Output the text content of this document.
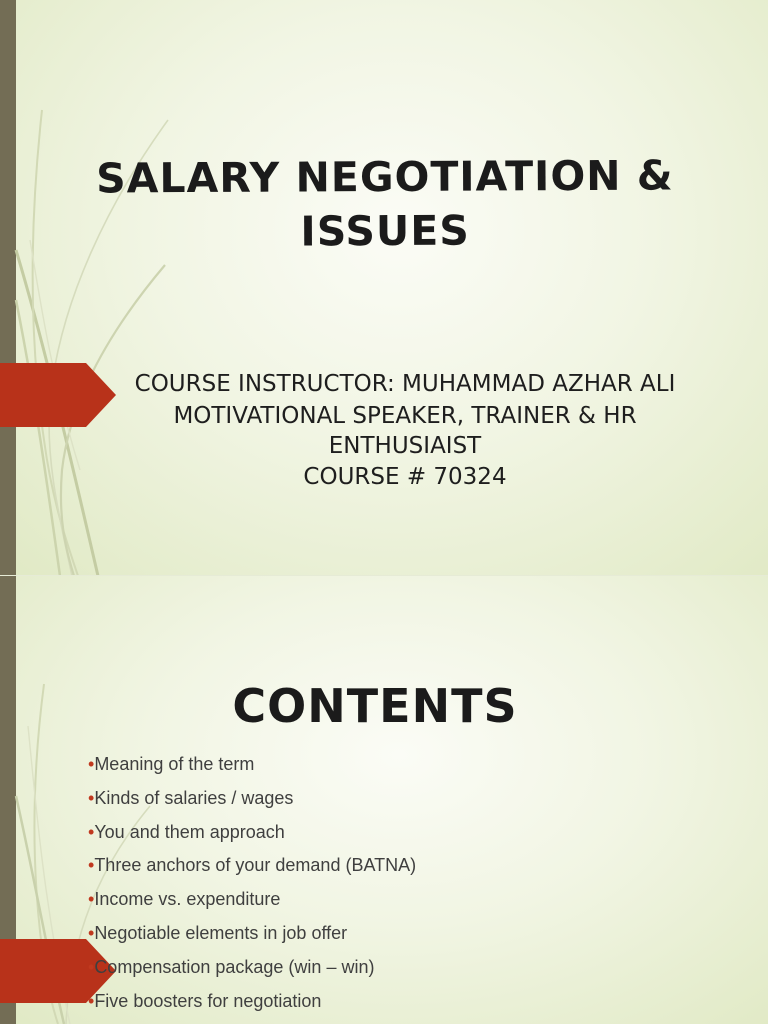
SALARY NEGOTIATION & ISSUES
COURSE INSTRUCTOR: MUHAMMAD AZHAR ALI
MOTIVATIONAL SPEAKER, TRAINER & HR
ENTHUSIAIST
COURSE # 70324
CONTENTS
•Meaning of the term
•Kinds of salaries / wages
•You and them approach
•Three anchors of your demand (BATNA)
•Income vs. expenditure
•Negotiable elements in job offer
•Compensation package (win – win)
•Five boosters for negotiation
